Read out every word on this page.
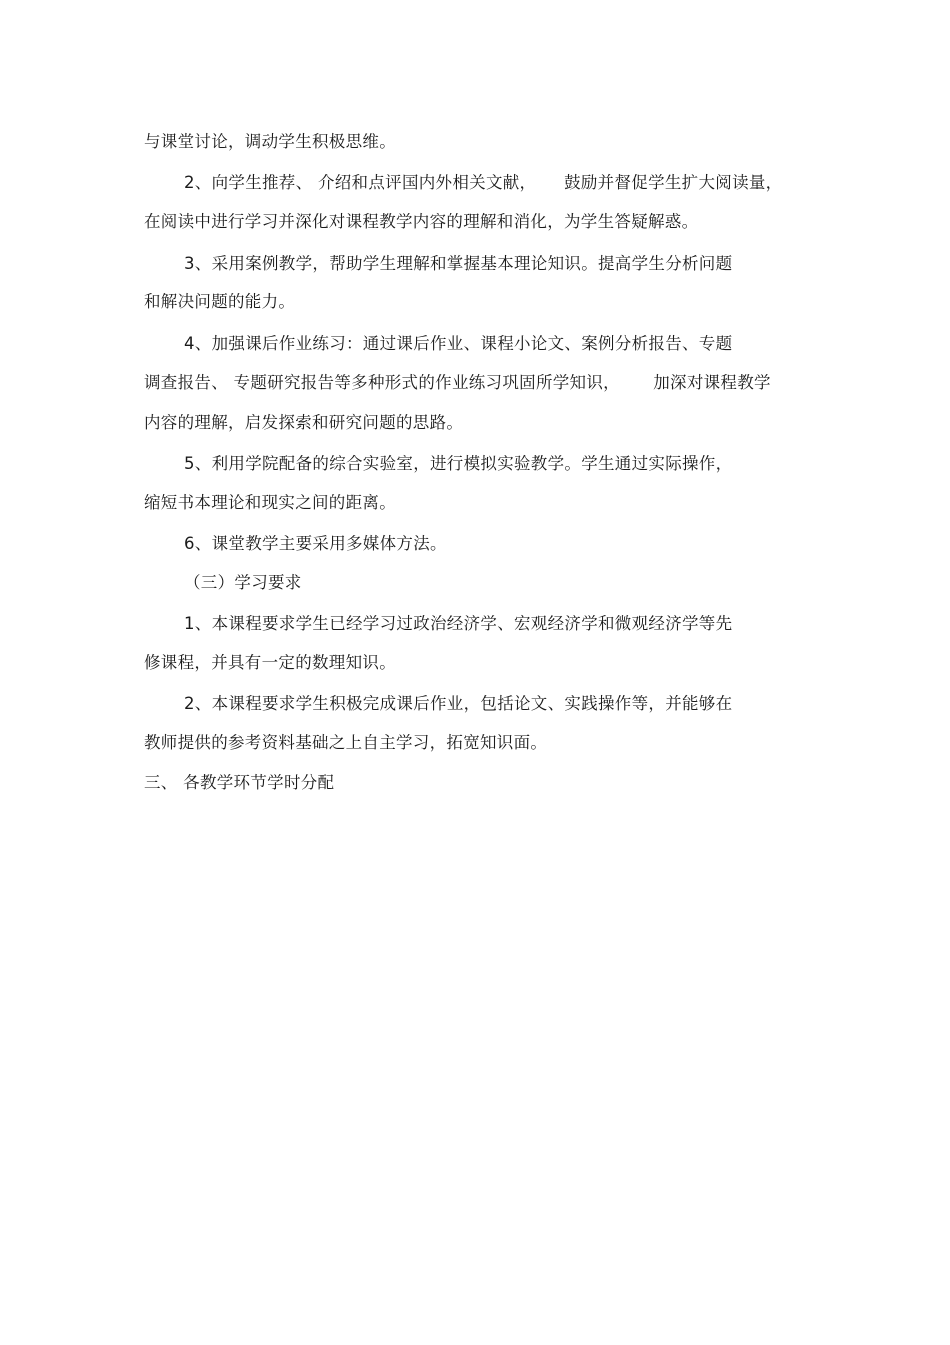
与课堂讨论，调动学生积极思维。
2、向学生推荐、 介绍和点评国内外相关文献，     鼓励并督促学生扩大阅读量，
在阅读中进行学习并深化对课程教学内容的理解和消化，为学生答疑解惑。
3、采用案例教学，帮助学生理解和掌握基本理论知识。提高学生分析问题
和解决问题的能力。
4、加强课后作业练习：通过课后作业、课程小论文、案例分析报告、专题
调查报告、 专题研究报告等多种形式的作业练习巩固所学知识，      加深对课程教学
内容的理解，启发探索和研究问题的思路。
5、利用学院配备的综合实验室，进行模拟实验教学。学生通过实际操作，
缩短书本理论和现实之间的距离。
6、课堂教学主要采用多媒体方法。
（三）学习要求
1、本课程要求学生已经学习过政治经济学、宏观经济学和微观经济学等先
修课程，并具有一定的数理知识。
2、本课程要求学生积极完成课后作业，包括论文、实践操作等，并能够在
教师提供的参考资料基础之上自主学习，拓宽知识面。
三、 各教学环节学时分配
